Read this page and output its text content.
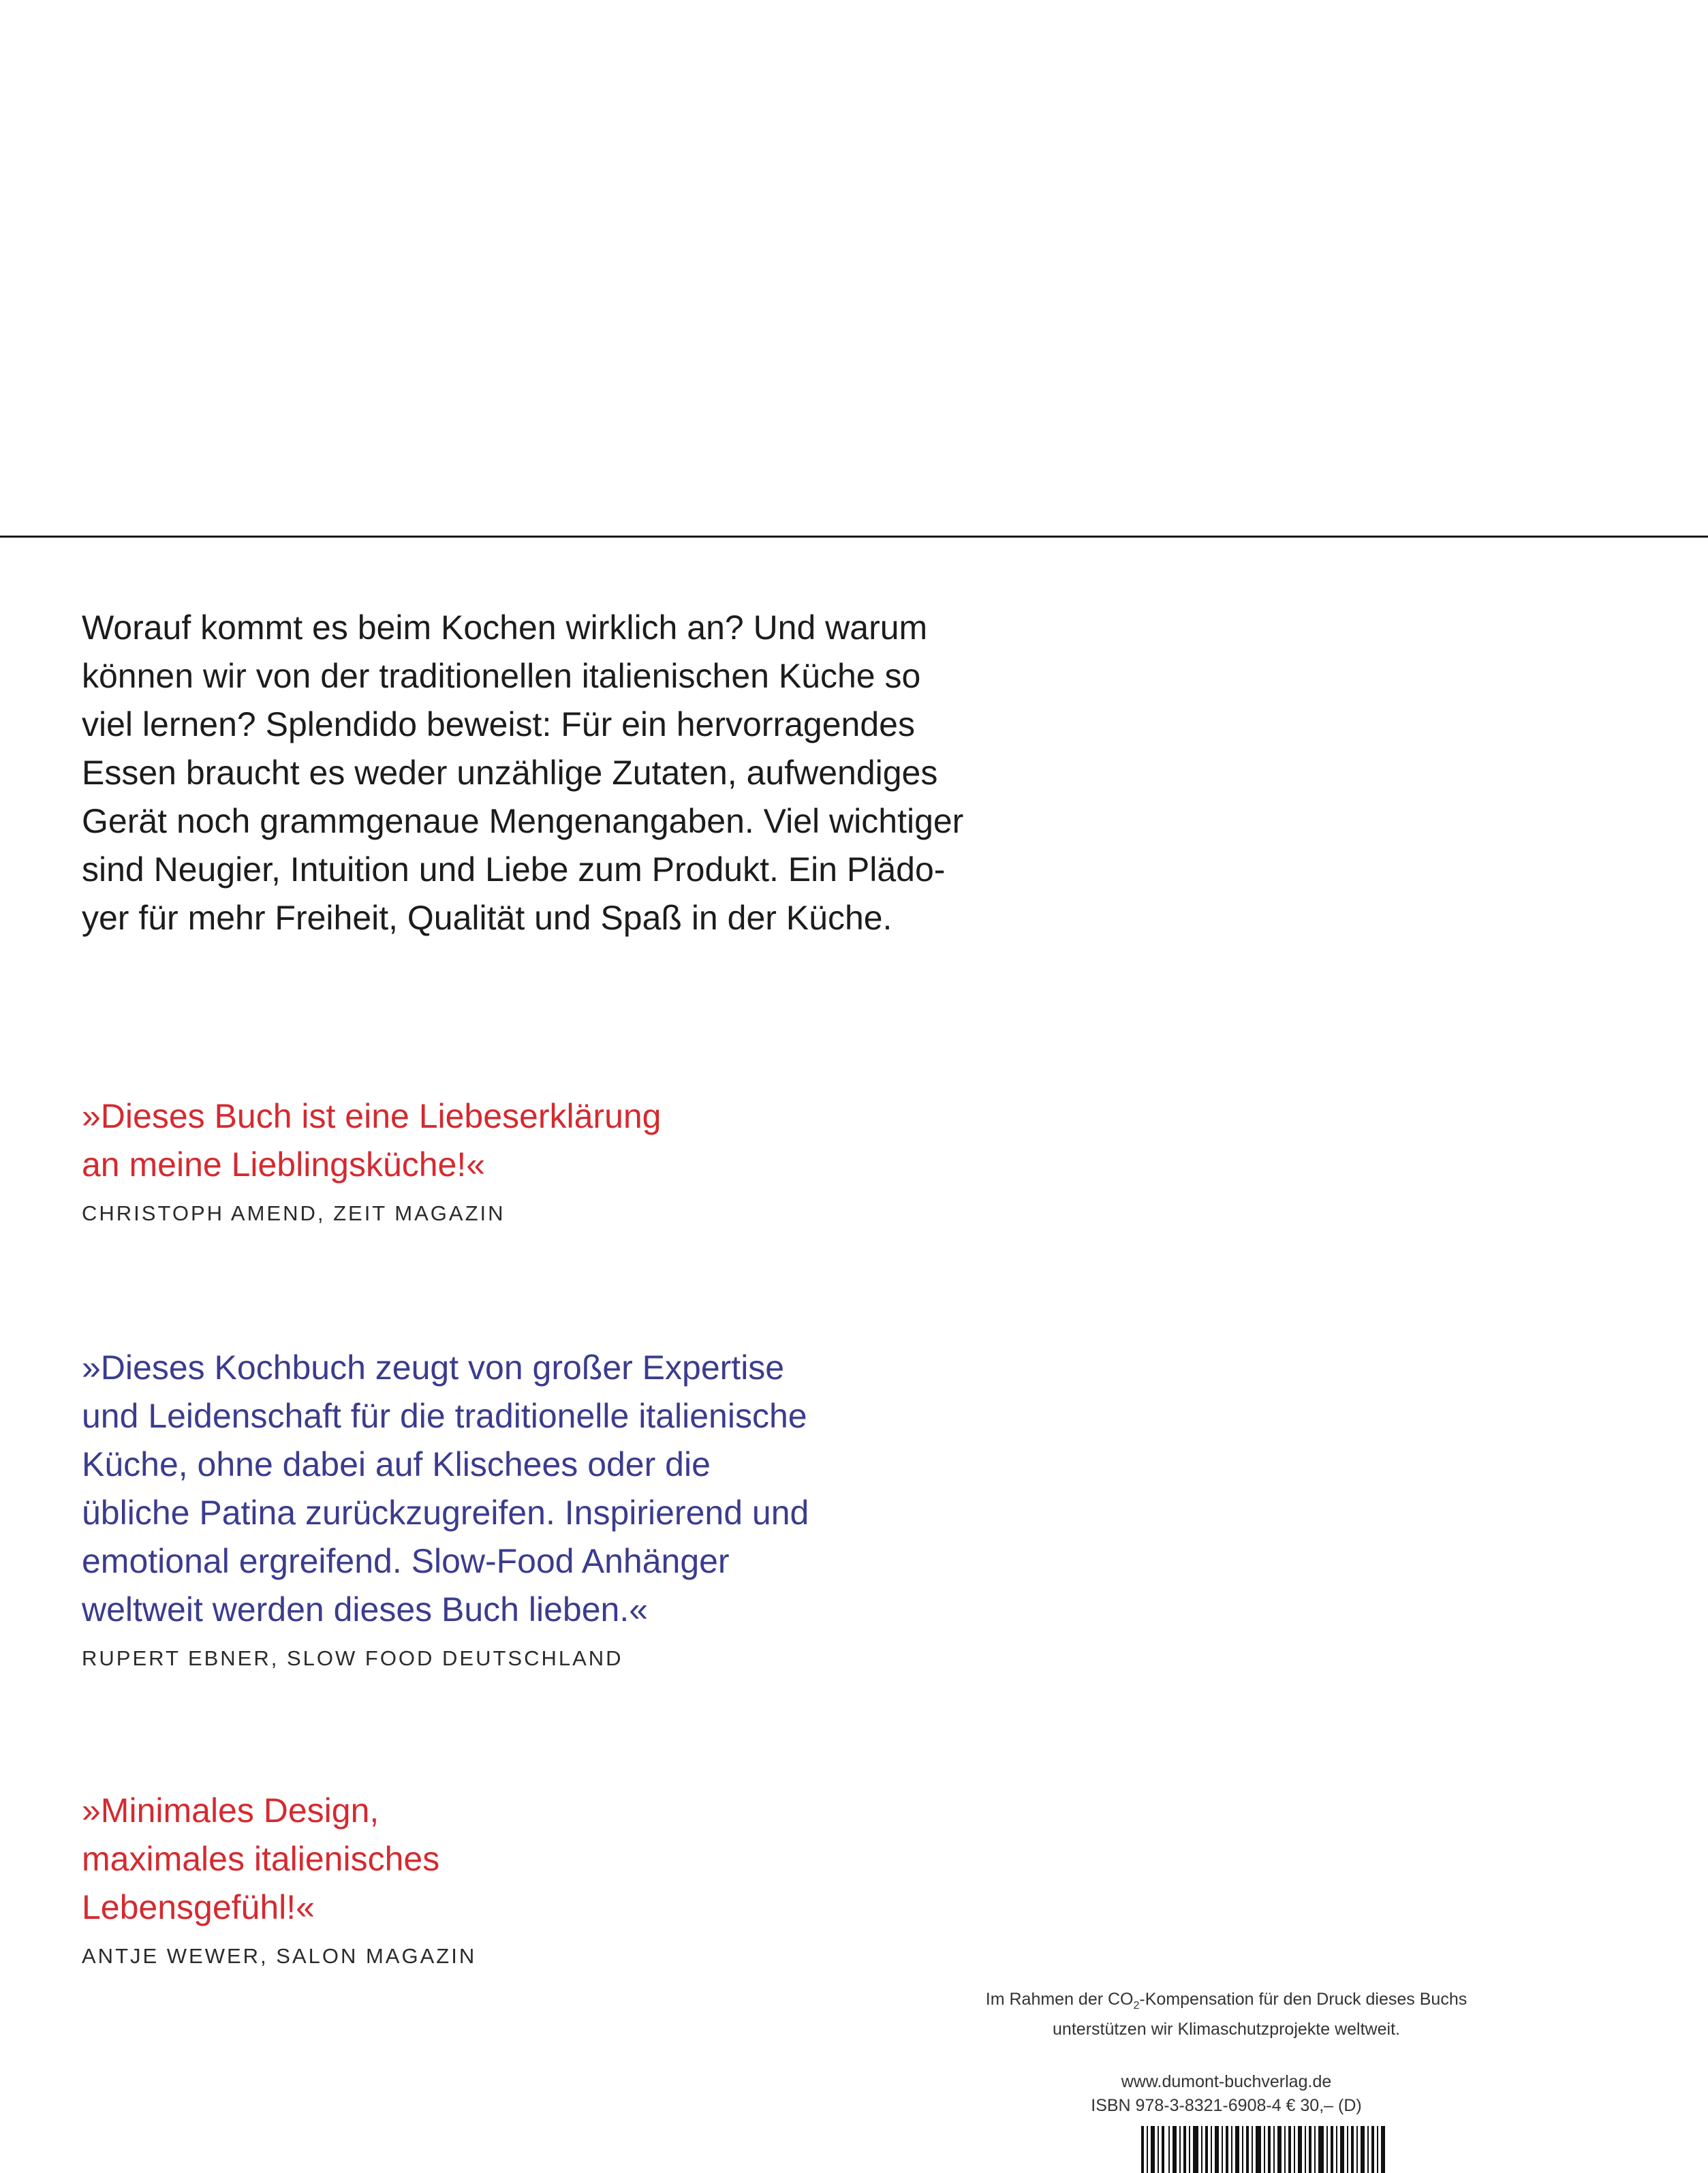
Worauf kommt es beim Kochen wirklich an? Und warum
können wir von der traditionellen italienischen Küche so
viel lernen? Splendido beweist: Für ein hervorragendes
Essen braucht es weder unzählige Zutaten, aufwendiges
Gerät noch grammgenaue Mengenangaben. Viel wichtiger
sind Neugier, Intuition und Liebe zum Produkt. Ein Plädo-
yer für mehr Freiheit, Qualität und Spaß in der Küche.
»Dieses Buch ist eine Liebeserklärung
an meine Lieblingsküche!«
CHRISTOPH AMEND, ZEIT MAGAZIN
»Dieses Kochbuch zeugt von großer Expertise
und Leidenschaft für die traditionelle italienische
Küche, ohne dabei auf Klischees oder die
übliche Patina zurückzugreifen. Inspirierend und
emotional ergreifend. Slow-Food Anhänger
weltweit werden dieses Buch lieben.«
RUPERT EBNER, SLOW FOOD DEUTSCHLAND
»Minimales Design,
maximales italienisches
Lebensgefühl!«
ANTJE WEWER, SALON MAGAZIN
Im Rahmen der $CO_2$-Kompensation für den Druck dieses Buchs
unterstützen wir Klimaschutzprojekte weltweit.
www.dumont-buchverlag.de
ISBN 978-3-8321-6908-4 € 30,– (D)
